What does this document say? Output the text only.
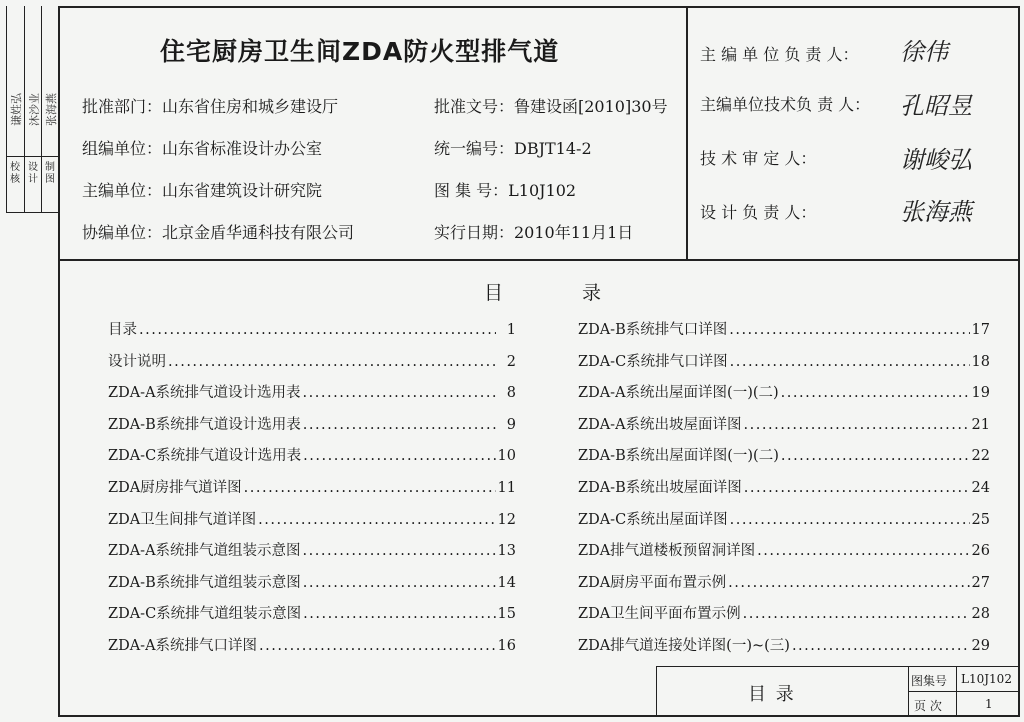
校 核
设 计
制 图
谦姓弘 沐沙业 张海燕
住宅厨房卫生间ZDA防火型排气道
批准部门：山东省住房和城乡建设厅
组编单位：山东省标准设计办公室
主编单位：山东省建筑设计研究院
协编单位：北京金盾华通科技有限公司
批准文号：鲁建设函[2010]30号
统一编号：DBJT14-2
图 集 号：L10J102
实行日期：2010年11月1日
主 编 单 位 负 责 人： 徐伟
主编单位技术负 责 人： 孔昭昱
技 术 审 定 人：	谢峻弘
设 计 负 责 人：	张海燕
目	录
目录 .....	1
设计说明 .....	2
ZDA-A系统排气道设计选用表 .....	8
ZDA-B系统排气道设计选用表 .....	9
ZDA-C系统排气道设计选用表 .....	10
ZDA厨房排气道详图 .....	11
ZDA卫生间排气道详图 .....	12
ZDA-A系统排气道组装示意图 .....	13
ZDA-B系统排气道组装示意图 .....	14
ZDA-C系统排气道组装示意图 .....	15
ZDA-A系统排气口详图 .....	16
ZDA-B系统排气口详图 .....	17
ZDA-C系统排气口详图 .....	18
ZDA-A系统出屋面详图(一)(二) .....	19
ZDA-A系统出坡屋面详图 .....	21
ZDA-B系统出屋面详图(一)(二) .....	22
ZDA-B系统出坡屋面详图 .....	24
ZDA-C系统出屋面详图 .....	25
ZDA排气道楼板预留洞详图 .....	26
ZDA厨房平面布置示例 .....	27
ZDA卫生间平面布置示例 .....	28
ZDA排气道连接处详图(一)~(三) .....	29
目 录
图集号 L10J102
页 次	1
